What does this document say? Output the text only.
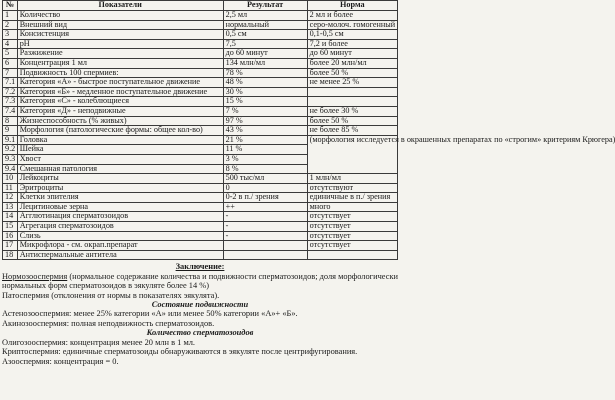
№	Показатели	Результат	Норма
1	Количество	2,5 мл	2 мл и более
2	Внешний вид	нормальный	серо-молоч. гомогенный
3	Консистенция	0,5 см	0,1-0,5 см
4	pH	7,5	7,2 и более
5	Разжижение	до 60 минут	до 60 минут
6	Концентрация 1 мл	134 млн/мл	более 20 млн/мл
7	Подвижность 100 спермиев:	78 %	более 50 %
7.1	Категория «А» - быстрое поступательное движение	48 %	не менее 25 %
7.2	Категория «Б» - медленное поступательное движение	30 %	
7.3	Категория «С» - колеблющиеся	15 %	
7.4	Категория «Д» - неподвижные	7 %	не более 30 %
8	Жизнеспособность (% живых)	97 %	более 50 %
9	Морфология (патологические формы: общее кол-во)	43 %	не более 85 %
9.1	Головка	21 %	(морфология исследуется в окрашенных препаратах по «строгим» критериям Крюгера)
9.2	Шейка	11 %	
9.3	Хвост	3 %	
9.4	Смешанная патология	8 %	
10	Лейкоциты	500 тыс/мл	1 млн/мл
11	Эритроциты	0	отсутствуют
12	Клетки эпителия	0-2 в п./ зрения	единичные в п./ зрения
13	Лецитиновые зерна	++	много
14	Агглютинация сперматозоидов	-	отсутствует
15	Агрегация сперматозоидов	-	отсутствует
16	Слизь	-	отсутствует
17	Микрофлора - см. окрап.препарат		отсутствует
18	Антиспермальные антитела		
Заключение:

Нормозооспермия (нормальное содержание количества и подвижности сперматозоидов; доля морфологически нормальных форм сперматозоидов в эякуляте более 14 %)

Патоспермия (отклонения от нормы в показателях эякулята).

Состояние подвижности

Астенозооспермия: менее 25% категории «А» или менее 50% категории «А»+ «Б».

Акинозооспермия: полная неподвижность сперматозоидов.

Количество сперматозоидов

Олигозооспермия: концентрация менее 20 млн в 1 мл.

Криптоспермия: единичные сперматозоиды обнаруживаются в эякуляте после центрифугирования.

Азооспермия: концентрация = 0.
